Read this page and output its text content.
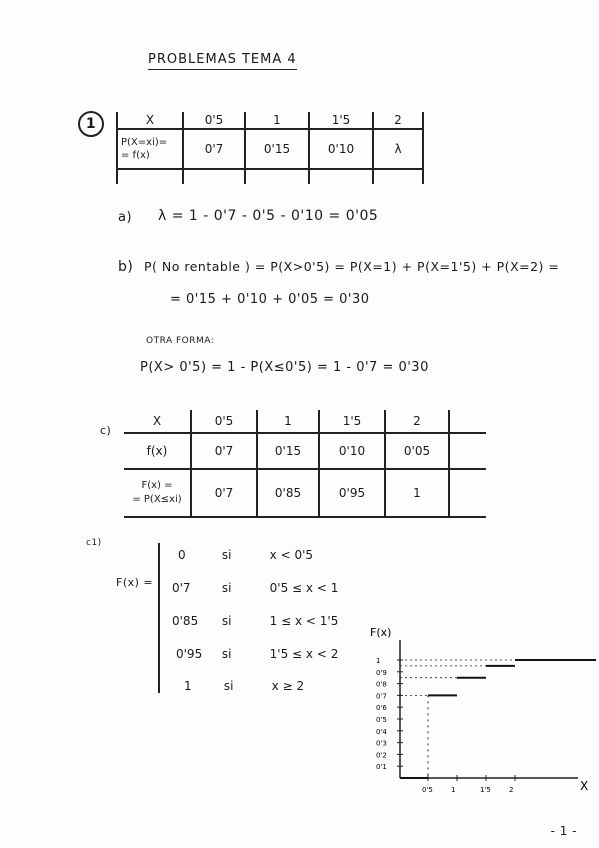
PROBLEMAS TEMA 4
1	X	0'5	1	1'5	2

P(X=xi)=
= f(x)	0'7	0'15	0'10	λ

a) λ = 1 - 0'7 - 0'5 - 0'10 = 0'05
b) P( No rentable ) = P(X>0'5) = P(X=1) + P(X=1'5) + P(X=2) =
= 0'15 + 0'10 + 0'05 = 0'30
OTRA FORMA:
P(X> 0'5) = 1 - P(X≤0'5) = 1 - 0'7 = 0'30
c)
X	0'5	1	1'5	2	
f(x)	0'7	0'15	0'10	0'05	

F(x) =
= P(X≤xi)	0'7	0'85	0'95	1	
c1)
F(x) =
0	si	x < 0'5
0'7	si	0'5 ≤ x < 1
0'85 si	1 ≤ x < 1'5
0'95 si	1'5 ≤ x < 2
1	si	x ≥ 2
F(x)
X
1
0'9
0'8
0'7
0'6
0'5
0'4
0'3
0'2
0'1
0'5	1	1'5	2
- 1 -
